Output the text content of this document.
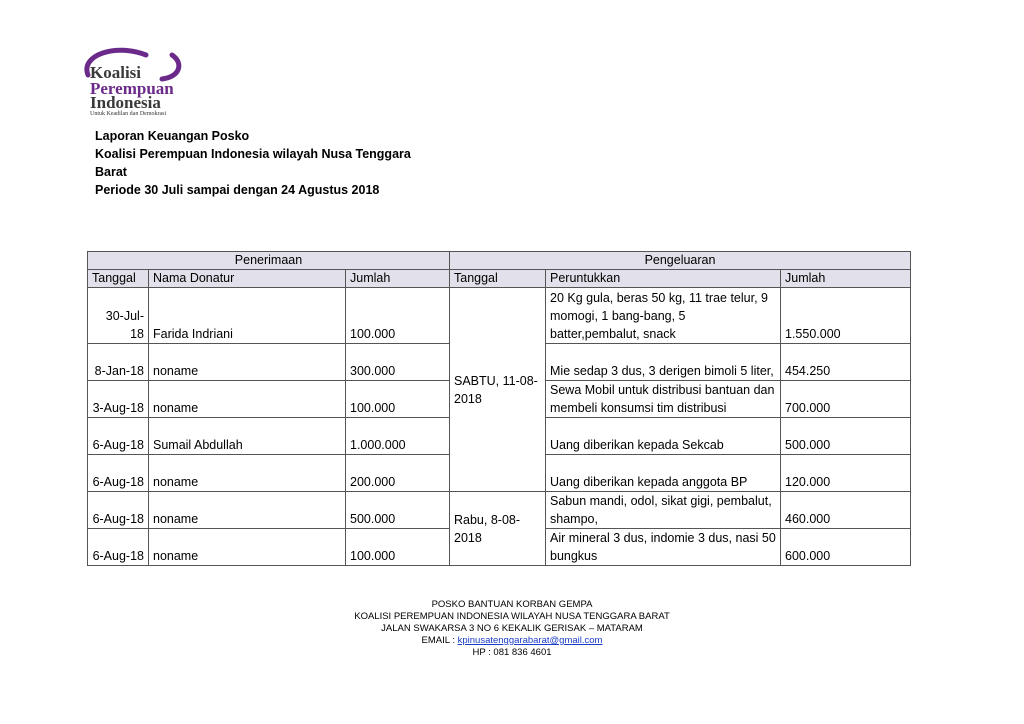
Koalisi
Perempuan
Indonesia
Untuk Keadilan dan Demokrasi
Laporan Keuangan Posko
Koalisi Perempuan Indonesia wilayah Nusa Tenggara
Barat
Periode 30 Juli sampai dengan 24 Agustus 2018
Penerimaan			Pengeluaran		
Tanggal	Nama Donatur	Jumlah	Tanggal	Peruntukkan	Jumlah
30-Jul-18	Farida Indriani	100.000	SABTU, 11-08-2018	20 Kg gula, beras 50 kg, 11 trae telur, 9 momogi, 1 bang-bang, 5 batter,pembalut, snack	1.550.000
8-Jan-18	noname	300.000		Mie sedap 3 dus, 3 derigen bimoli 5 liter,	454.250
3-Aug-18	noname	100.000		Sewa Mobil untuk distribusi bantuan dan membeli konsumsi tim distribusi	700.000
6-Aug-18	Sumail Abdullah	1.000.000		Uang diberikan kepada Sekcab	500.000
6-Aug-18	noname	200.000		Uang diberikan kepada anggota BP	120.000
6-Aug-18	noname	500.000	Rabu, 8-08-2018	Sabun mandi, odol, sikat gigi, pembalut, shampo,	460.000
6-Aug-18	noname	100.000		Air mineral 3 dus, indomie 3 dus, nasi 50 bungkus	600.000
POSKO BANTUAN KORBAN GEMPA
KOALISI PEREMPUAN INDONESIA WILAYAH NUSA TENGGARA BARAT
JALAN SWAKARSA 3 NO 6 KEKALIK GERISAK – MATARAM
EMAIL : kpinusatenggarabarat@gmail.com
HP : 081 836 4601
